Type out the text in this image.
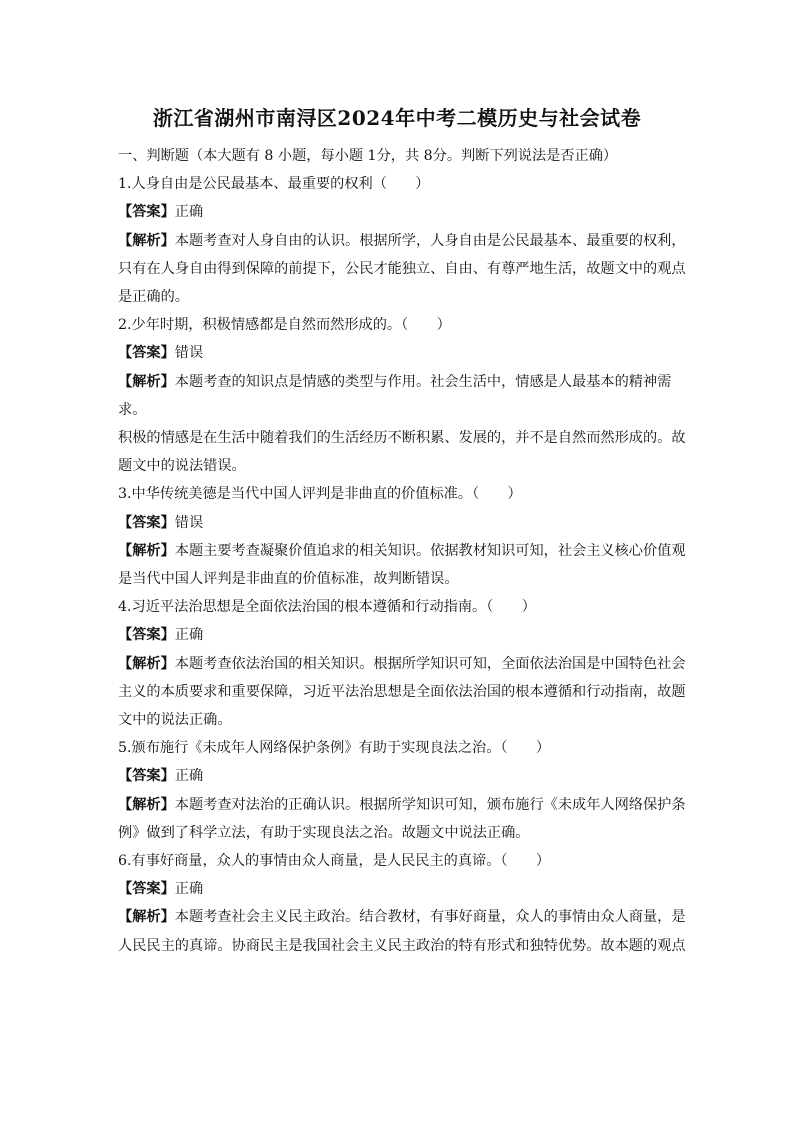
浙江省湖州市南浔区2024年中考二模历史与社会试卷

一、判断题（本大题有 8 小题，每小题 1分，共 8分。判断下列说法是否正确）

1.人身自由是公民最基本、最重要的权利（　　）

【答案】正确

【解析】本题考查对人身自由的认识。根据所学，人身自由是公民最基本、最重要的权利，

只有在人身自由得到保障的前提下，公民才能独立、自由、有尊严地生活，故题文中的观点

是正确的。

2.少年时期，积极情感都是自然而然形成的。（　　）

【答案】错误

【解析】本题考查的知识点是情感的类型与作用。社会生活中，情感是人最基本的精神需求。

积极的情感是在生活中随着我们的生活经历不断积累、发展的，并不是自然而然形成的。故

题文中的说法错误。

3.中华传统美德是当代中国人评判是非曲直的价值标准。（　　）

【答案】错误

【解析】本题主要考查凝聚价值追求的相关知识。依据教材知识可知，社会主义核心价值观

是当代中国人评判是非曲直的价值标准，故判断错误。

4.习近平法治思想是全面依法治国的根本遵循和行动指南。（　　）

【答案】正确

【解析】本题考查依法治国的相关知识。根据所学知识可知，全面依法治国是中国特色社会

主义的本质要求和重要保障，习近平法治思想是全面依法治国的根本遵循和行动指南，故题

文中的说法正确。

5.颁布施行《未成年人网络保护条例》有助于实现良法之治。（　　）

【答案】正确

【解析】本题考查对法治的正确认识。根据所学知识可知，颁布施行《未成年人网络保护条

例》做到了科学立法，有助于实现良法之治。故题文中说法正确。

6.有事好商量，众人的事情由众人商量，是人民民主的真谛。（　　）

【答案】正确

【解析】本题考查社会主义民主政治。结合教材，有事好商量，众人的事情由众人商量，是

人民民主的真谛。协商民主是我国社会主义民主政治的特有形式和独特优势。故本题的观点
